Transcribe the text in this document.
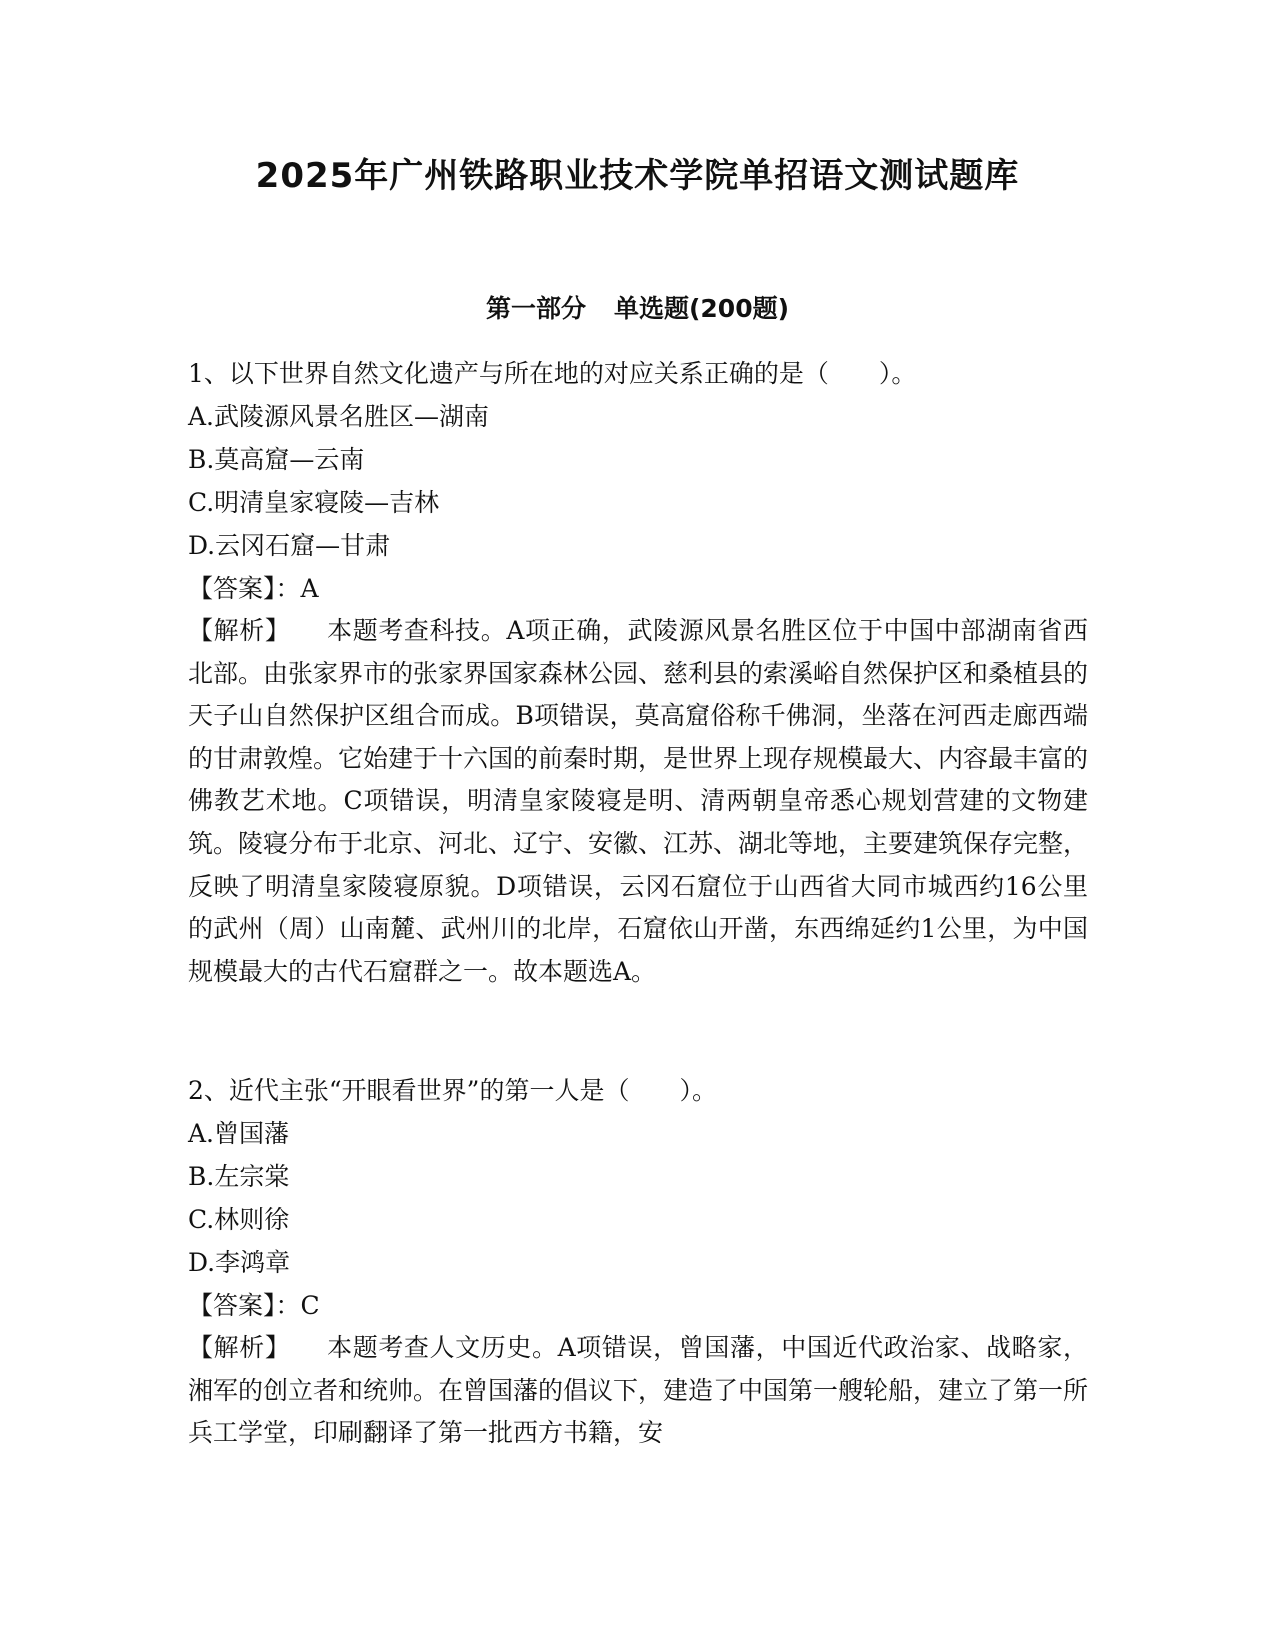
2025年广州铁路职业技术学院单招语文测试题库
第一部分 单选题(200题)
1、以下世界自然文化遗产与所在地的对应关系正确的是（　　）。
A.武陵源风景名胜区—湖南
B.莫高窟—云南
C.明清皇家寝陵—吉林
D.云冈石窟—甘肃
【答案】：A
【解析】 本题考查科技。A项正确，武陵源风景名胜区位于中国中部湖南省西北部。由张家界市的张家界国家森林公园、慈利县的索溪峪自然保护区和桑植县的天子山自然保护区组合而成。B项错误，莫高窟俗称千佛洞，坐落在河西走廊西端的甘肃敦煌。它始建于十六国的前秦时期，是世界上现存规模最大、内容最丰富的佛教艺术地。C项错误，明清皇家陵寝是明、清两朝皇帝悉心规划营建的文物建筑。陵寝分布于北京、河北、辽宁、安徽、江苏、湖北等地，主要建筑保存完整，反映了明清皇家陵寝原貌。D项错误，云冈石窟位于山西省大同市城西约16公里的武州（周）山南麓、武州川的北岸，石窟依山开凿，东西绵延约1公里，为中国规模最大的古代石窟群之一。故本题选A。
2、近代主张“开眼看世界”的第一人是（　　）。
A.曾国藩
B.左宗棠
C.林则徐
D.李鸿章
【答案】：C
【解析】 本题考查人文历史。A项错误，曾国藩，中国近代政治家、战略家，湘军的创立者和统帅。在曾国藩的倡议下，建造了中国第一艘轮船，建立了第一所兵工学堂，印刷翻译了第一批西方书籍，安
